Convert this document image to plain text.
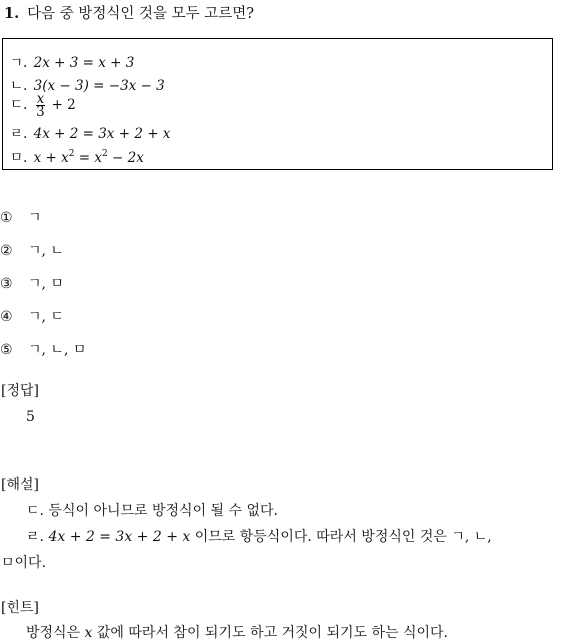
1. 다음 중 방정식인 것을 모두 고르면?
ㄱ. 2x + 3 = x + 3
ㄴ. 3(x − 3) = −3x − 3
ㄷ. $\frac{x}{3} + 2$
ㄹ. 4x + 2 = 3x + 2 + x
ㅁ. $x + x^2 = x^2 - 2x$
① ㄱ
② ㄱ, ㄴ
③ ㄱ, ㅁ
④ ㄱ, ㄷ
⑤ ㄱ, ㄴ, ㅁ
[정답]
5
[해설]
ㄷ. 등식이 아니므로 방정식이 될 수 없다.
ㄹ. 4x + 2 = 3x + 2 + x 이므로 항등식이다. 따라서 방정식인 것은 ㄱ, ㄴ,
ㅁ이다.
[힌트]
방정식은 x 값에 따라서 참이 되기도 하고 거짓이 되기도 하는 식이다.
